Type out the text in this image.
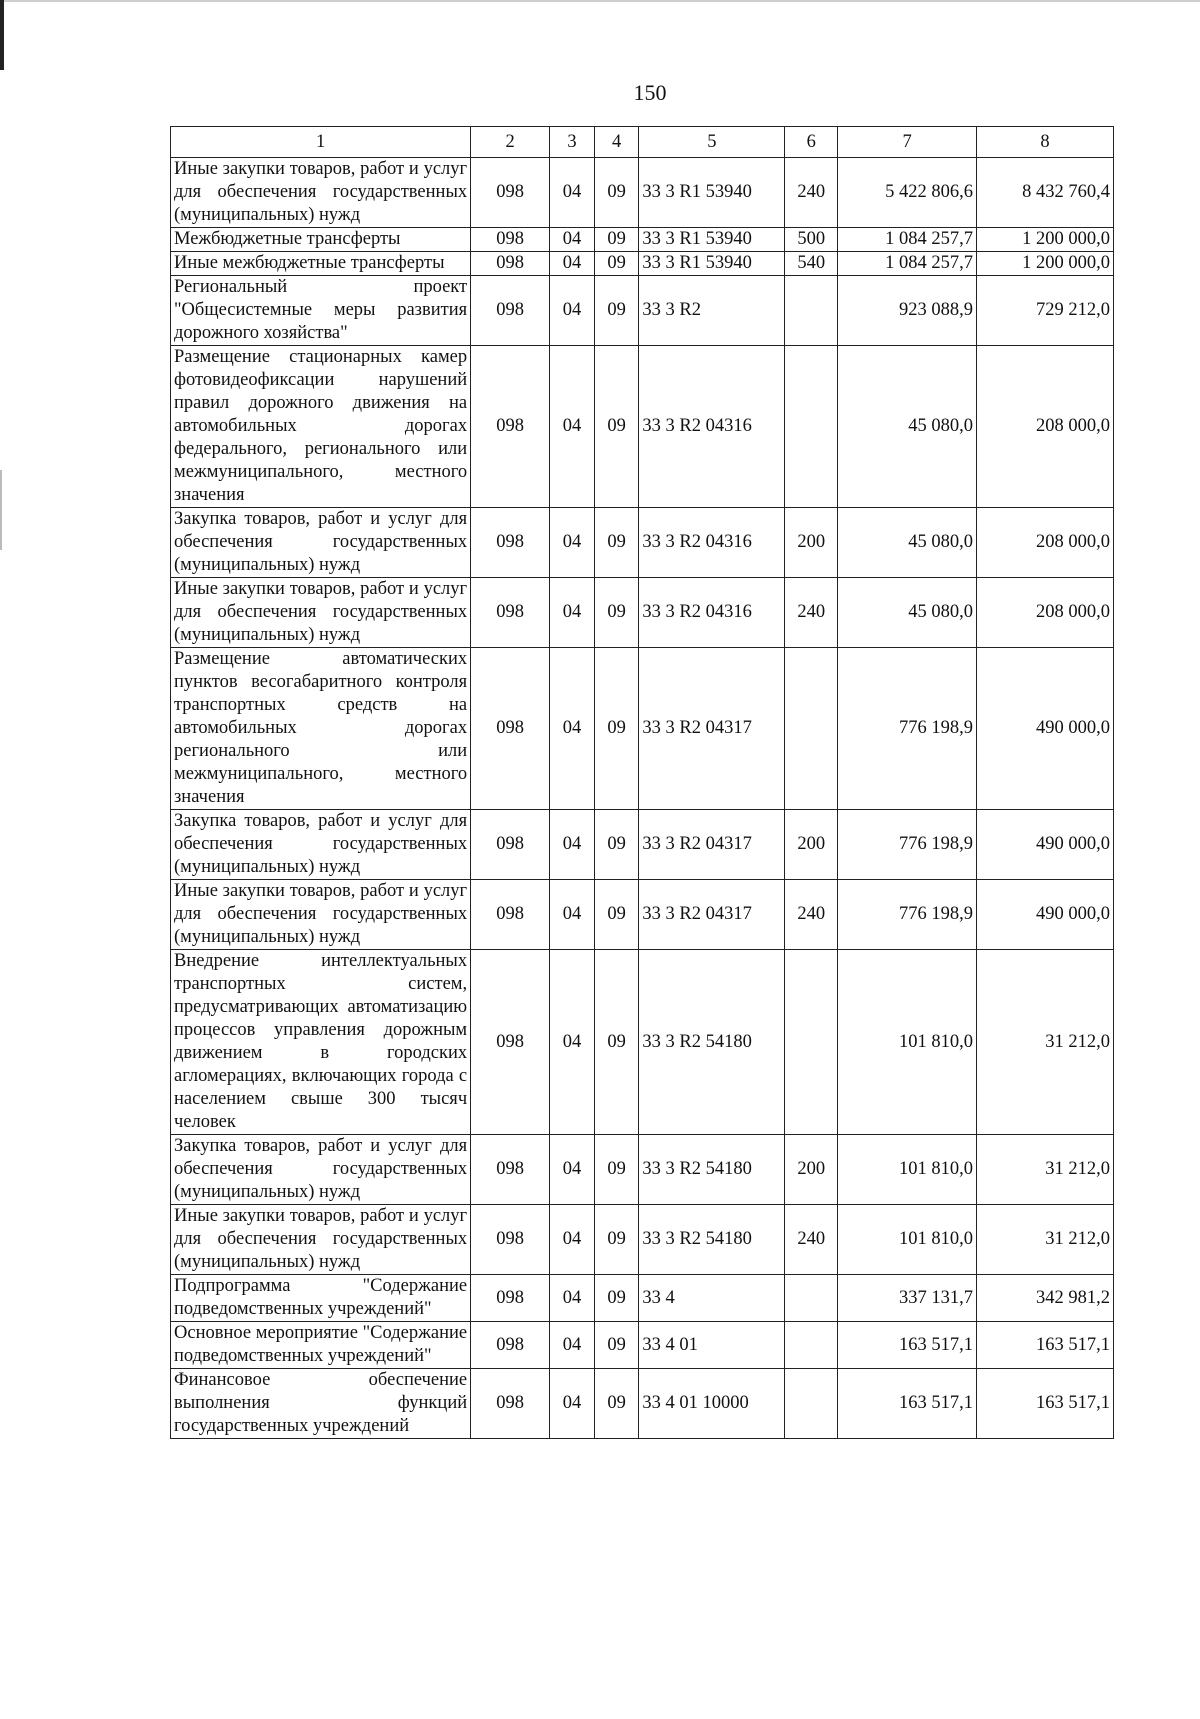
150
1	2	3	4	5	6	7	8
Иные закупки товаров, работ и услуг для обеспечения государственных (муниципальных) нужд	098	04	09	33 3 R1 53940	240	5 422 806,6	8 432 760,4
Межбюджетные трансферты	098	04	09	33 3 R1 53940	500	1 084 257,7	1 200 000,0
Иные межбюджетные трансферты	098	04	09	33 3 R1 53940	540	1 084 257,7	1 200 000,0
Региональный проект "Общесистемные меры развития дорожного хозяйства"	098	04	09	33 3 R2		923 088,9	729 212,0
Размещение стационарных камер фотовидеофиксации нарушений правил дорожного движения на автомобильных дорогах федерального, регионального или межмуниципального, местного значения	098	04	09	33 3 R2 04316		45 080,0	208 000,0
Закупка товаров, работ и услуг для обеспечения государственных (муниципальных) нужд	098	04	09	33 3 R2 04316	200	45 080,0	208 000,0
Иные закупки товаров, работ и услуг для обеспечения государственных (муниципальных) нужд	098	04	09	33 3 R2 04316	240	45 080,0	208 000,0
Размещение автоматических пунктов весогабаритного контроля транспортных средств на автомобильных дорогах регионального или межмуниципального, местного значения	098	04	09	33 3 R2 04317		776 198,9	490 000,0
Закупка товаров, работ и услуг для обеспечения государственных (муниципальных) нужд	098	04	09	33 3 R2 04317	200	776 198,9	490 000,0
Иные закупки товаров, работ и услуг для обеспечения государственных (муниципальных) нужд	098	04	09	33 3 R2 04317	240	776 198,9	490 000,0
Внедрение интеллектуальных транспортных систем, предусматривающих автоматизацию процессов управления дорожным движением в городских агломерациях, включающих города с населением свыше 300 тысяч человек	098	04	09	33 3 R2 54180		101 810,0	31 212,0
Закупка товаров, работ и услуг для обеспечения государственных (муниципальных) нужд	098	04	09	33 3 R2 54180	200	101 810,0	31 212,0
Иные закупки товаров, работ и услуг для обеспечения государственных (муниципальных) нужд	098	04	09	33 3 R2 54180	240	101 810,0	31 212,0
Подпрограмма "Содержание подведомственных учреждений"	098	04	09	33 4		337 131,7	342 981,2
Основное мероприятие "Содержание подведомственных учреждений"	098	04	09	33 4 01		163 517,1	163 517,1
Финансовое обеспечение выполнения функций государственных учреждений	098	04	09	33 4 01 10000		163 517,1	163 517,1
